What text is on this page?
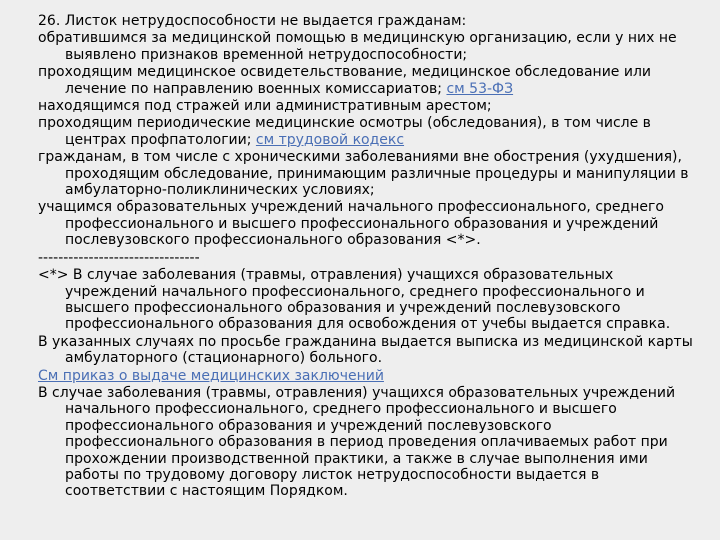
26. Листок нетрудоспособности не выдается гражданам:
обратившимся за медицинской помощью в медицинскую организацию, если у них не выявлено признаков временной нетрудоспособности;
проходящим медицинское освидетельствование, медицинское обследование или лечение по направлению военных комиссариатов; см 53-ФЗ
находящимся под стражей или административным арестом;
проходящим периодические медицинские осмотры (обследования), в том числе в центрах профпатологии; см трудовой кодекс
гражданам, в том числе с хроническими заболеваниями вне обострения (ухудшения), проходящим обследование, принимающим различные процедуры и манипуляции в амбулаторно-поликлинических условиях;
учащимся образовательных учреждений начального профессионального, среднего профессионального и высшего профессионального образования и учреждений послевузовского профессионального образования <*>.
--------------------------------
<*> В случае заболевания (травмы, отравления) учащихся образовательных учреждений начального профессионального, среднего профессионального и высшего профессионального образования и учреждений послевузовского профессионального образования для освобождения от учебы выдается справка.
В указанных случаях по просьбе гражданина выдается выписка из медицинской карты амбулаторного (стационарного) больного.
См приказ о выдаче медицинских заключений
В случае заболевания (травмы, отравления) учащихся образовательных учреждений начального профессионального, среднего профессионального и высшего профессионального образования и учреждений послевузовского профессионального образования в период проведения оплачиваемых работ при прохождении производственной практики, а также в случае выполнения ими работы по трудовому договору листок нетрудоспособности выдается в соответствии с настоящим Порядком.
